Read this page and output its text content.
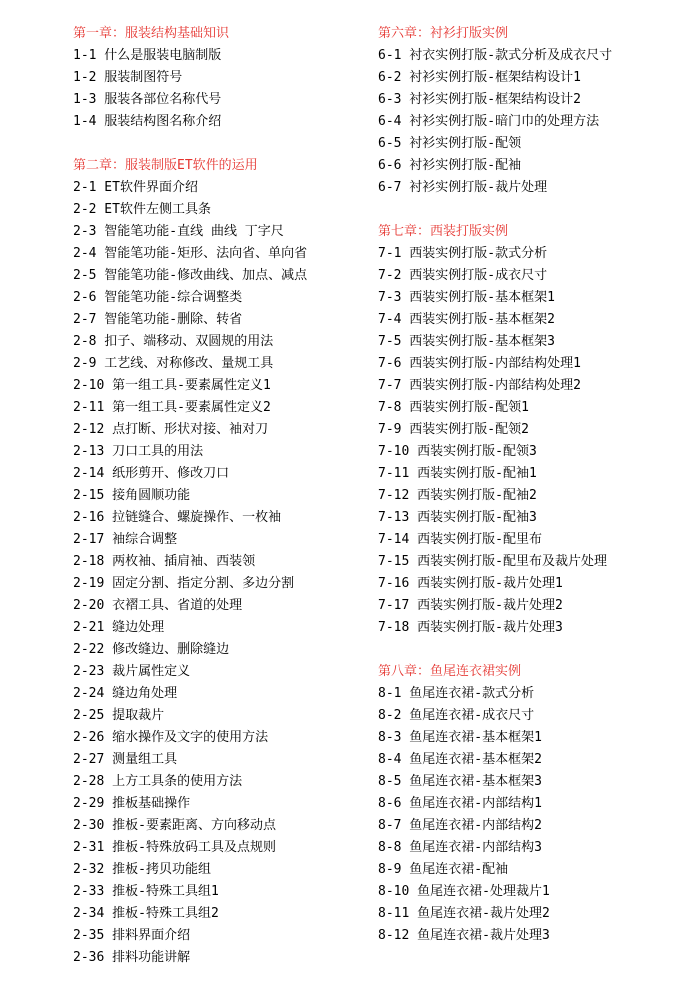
第一章：服装结构基础知识
1-1 什么是服装电脑制版
1-2 服装制图符号
1-3 服装各部位名称代号
1-4 服装结构图名称介绍
第二章：服装制版ET软件的运用
2-1 ET软件界面介绍
2-2 ET软件左侧工具条
2-3 智能笔功能-直线 曲线 丁字尺
2-4 智能笔功能-矩形、法向省、单向省
2-5 智能笔功能-修改曲线、加点、减点
2-6 智能笔功能-综合调整类
2-7 智能笔功能-删除、转省
2-8 扣子、端移动、双圆规的用法
2-9 工艺线、对称修改、量规工具
2-10 第一组工具-要素属性定义1
2-11 第一组工具-要素属性定义2
2-12 点打断、形状对接、袖对刀
2-13 刀口工具的用法
2-14 纸形剪开、修改刀口
2-15 接角圆顺功能
2-16 拉链缝合、螺旋操作、一枚袖
2-17 袖综合调整
2-18 两枚袖、插肩袖、西装领
2-19 固定分割、指定分割、多边分割
2-20 衣褶工具、省道的处理
2-21 缝边处理
2-22 修改缝边、删除缝边
2-23 裁片属性定义
2-24 缝边角处理
2-25 提取裁片
2-26 缩水操作及文字的使用方法
2-27 测量组工具
2-28 上方工具条的使用方法
2-29 推板基础操作
2-30 推板-要素距离、方向移动点
2-31 推板-特殊放码工具及点规则
2-32 推板-拷贝功能组
2-33 推板-特殊工具组1
2-34 推板-特殊工具组2
2-35 排料界面介绍
2-36 排料功能讲解
第六章：衬衫打版实例
6-1 衬衣实例打版-款式分析及成衣尺寸
6-2 衬衫实例打版-框架结构设计1
6-3 衬衫实例打版-框架结构设计2
6-4 衬衫实例打版-暗门巾的处理方法
6-5 衬衫实例打版-配领
6-6 衬衫实例打版-配袖
6-7 衬衫实例打版-裁片处理
第七章：西装打版实例
7-1 西装实例打版-款式分析
7-2 西装实例打版-成衣尺寸
7-3 西装实例打版-基本框架1
7-4 西装实例打版-基本框架2
7-5 西装实例打版-基本框架3
7-6 西装实例打版-内部结构处理1
7-7 西装实例打版-内部结构处理2
7-8 西装实例打版-配领1
7-9 西装实例打版-配领2
7-10 西装实例打版-配领3
7-11 西装实例打版-配袖1
7-12 西装实例打版-配袖2
7-13 西装实例打版-配袖3
7-14 西装实例打版-配里布
7-15 西装实例打版-配里布及裁片处理
7-16 西装实例打版-裁片处理1
7-17 西装实例打版-裁片处理2
7-18 西装实例打版-裁片处理3
第八章：鱼尾连衣裙实例
8-1 鱼尾连衣裙-款式分析
8-2 鱼尾连衣裙-成衣尺寸
8-3 鱼尾连衣裙-基本框架1
8-4 鱼尾连衣裙-基本框架2
8-5 鱼尾连衣裙-基本框架3
8-6 鱼尾连衣裙-内部结构1
8-7 鱼尾连衣裙-内部结构2
8-8 鱼尾连衣裙-内部结构3
8-9 鱼尾连衣裙-配袖
8-10 鱼尾连衣裙-处理裁片1
8-11 鱼尾连衣裙-裁片处理2
8-12 鱼尾连衣裙-裁片处理3
